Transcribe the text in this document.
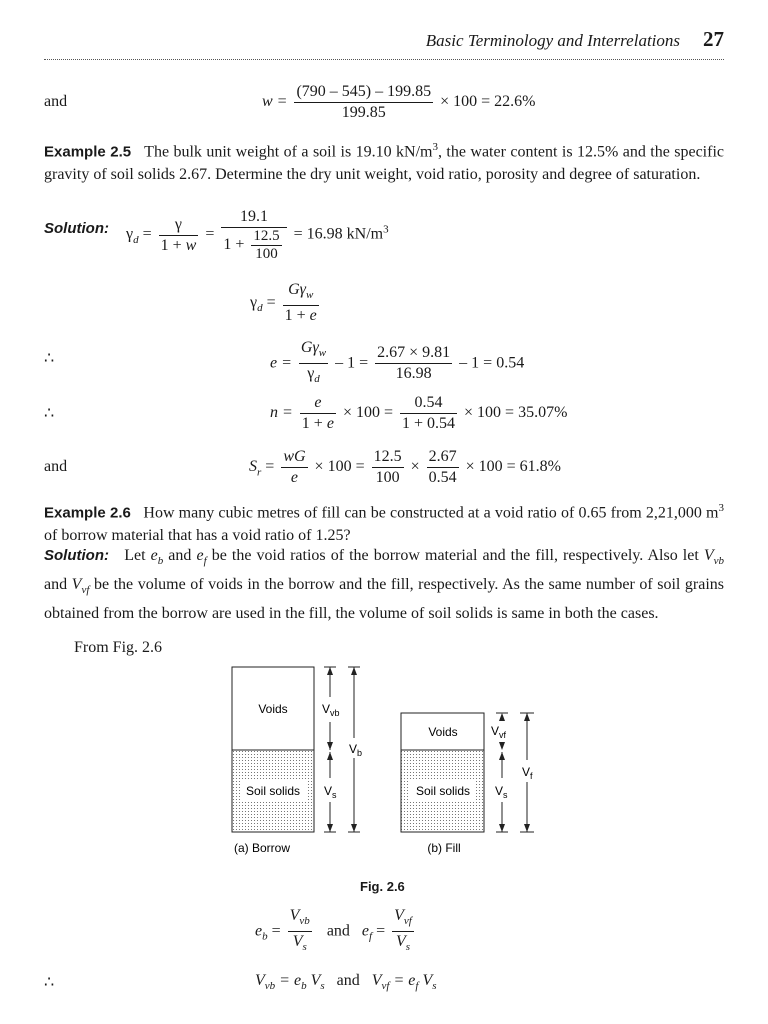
Basic Terminology and Interrelations 27
and	$w = \frac{(790 - 545) - 199.85}{199.85} \times 100 = 22.6\%$
Example 2.5 The bulk unit weight of a soil is 19.10 $kN/m^3$, the water content is 12.5% and the specific gravity of soil solids 2.67. Determine the dry unit weight, void ratio, porosity and degree of saturation.
Solution: $\gamma_d = \frac{\gamma}{1 + w} = \frac{19.1}{1 + \frac{12.5}{100}} = 16.98$ $kN/m^3$
$\gamma_d = \frac{G\gamma_w}{1 + e}$
∴	$e = \frac{G\gamma_w}{\gamma_d} - 1 = \frac{2.67 \times 9.81}{16.98} - 1 = 0.54$
∴	$n = \frac{e}{1 + e} \times 100 = \frac{0.54}{1 + 0.54} \times 100 = 35.07\%$
and	$S_r = \frac{wG}{e} \times 100 = \frac{12.5}{100} \times \frac{2.67}{0.54} \times 100 = 61.8\%$
Example 2.6 How many cubic metres of fill can be constructed at a void ratio of 0.65 from 2,21,000 $m^3$ of borrow material that has a void ratio of 1.25?
Solution: Let $e_b$ and $e_f$ be the void ratios of the borrow material and the fill, respectively. Also let $V_{vb}$ and $V_{vf}$ be the volume of voids in the borrow and the fill, respectively. As the same number of soil grains obtained from the borrow are used in the fill, the volume of soil solids is same in both the cases.
From Fig. 2.6
Voids
Soil solids
$V_{vb}$
$V_s$
$V_b$
(a) Borrow
Voids
Soil solids
$V_{vf}$
$V_s$
$V_f$
(b) Fill
Fig. 2.6
$e_b = \frac{V_{vb}}{V_s}$ and $e_f = \frac{V_{vf}}{V_s}$
∴	$V_{vb} = e_b$ $V_s$ and $V_{vf} = e_f$ $V_s$
